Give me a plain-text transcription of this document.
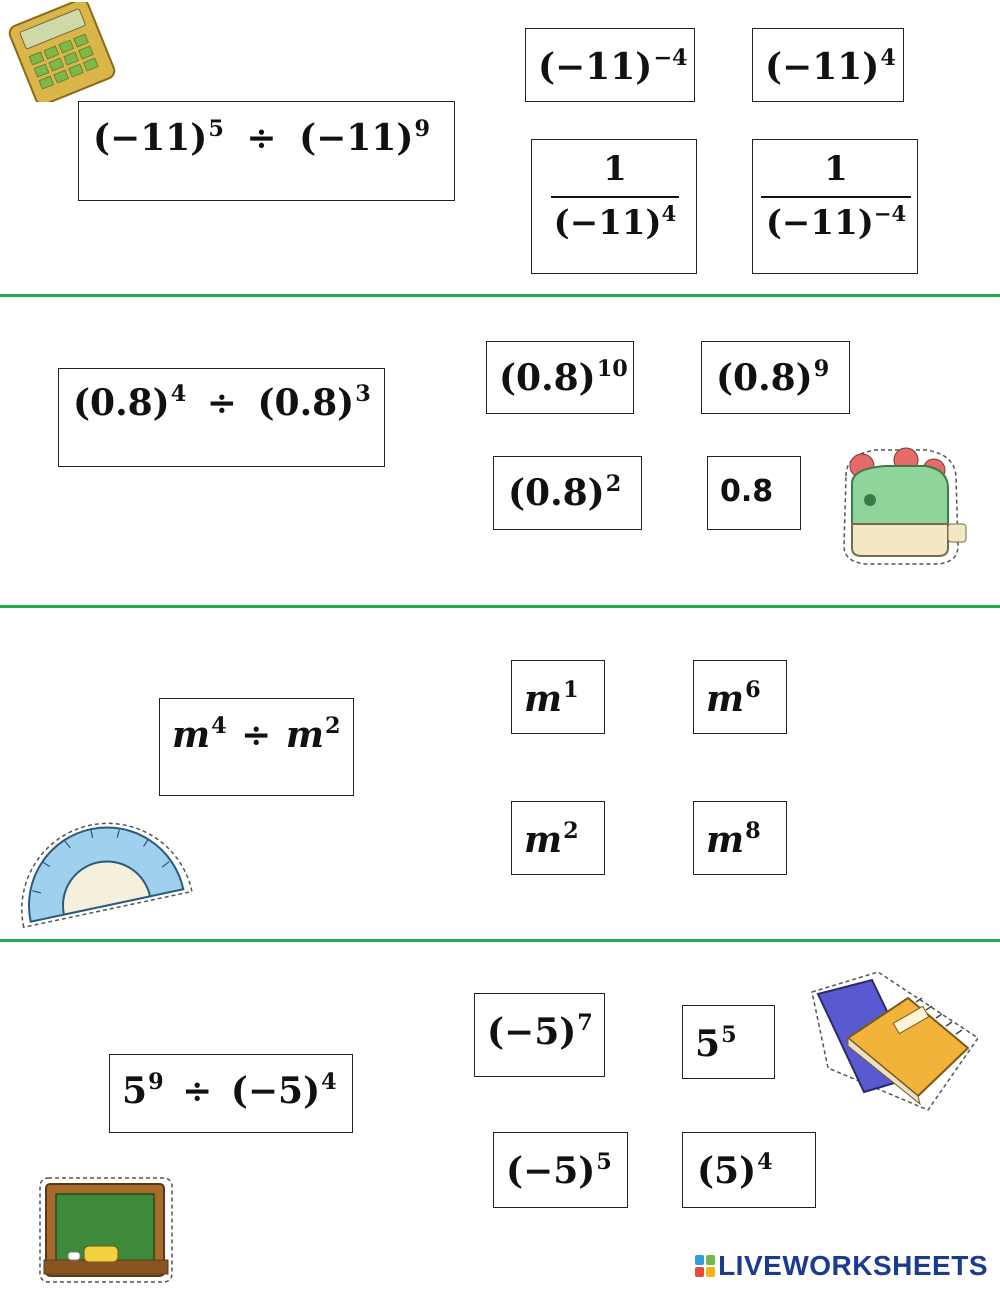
$(-11)^5 \div (-11)^9$
$(-11)^{-4}$ $(-11)^4$
1
$(-11)^4$
1
$(-11)^{-4}$
$(0.8)^4 \div (0.8)^3$	$(0.8)^{10}$ $(0.8)^9$
$(0.8)^2$	0.8
$m^4 \div m^2$
$m^1$	$m^6$
$m^2$	$m^8$
$5^9 \div (-5)^4$
$(-5)^7$	$5^5$
$(-5)^5$ $(5)^4$
LIVEWORKSHEETS
